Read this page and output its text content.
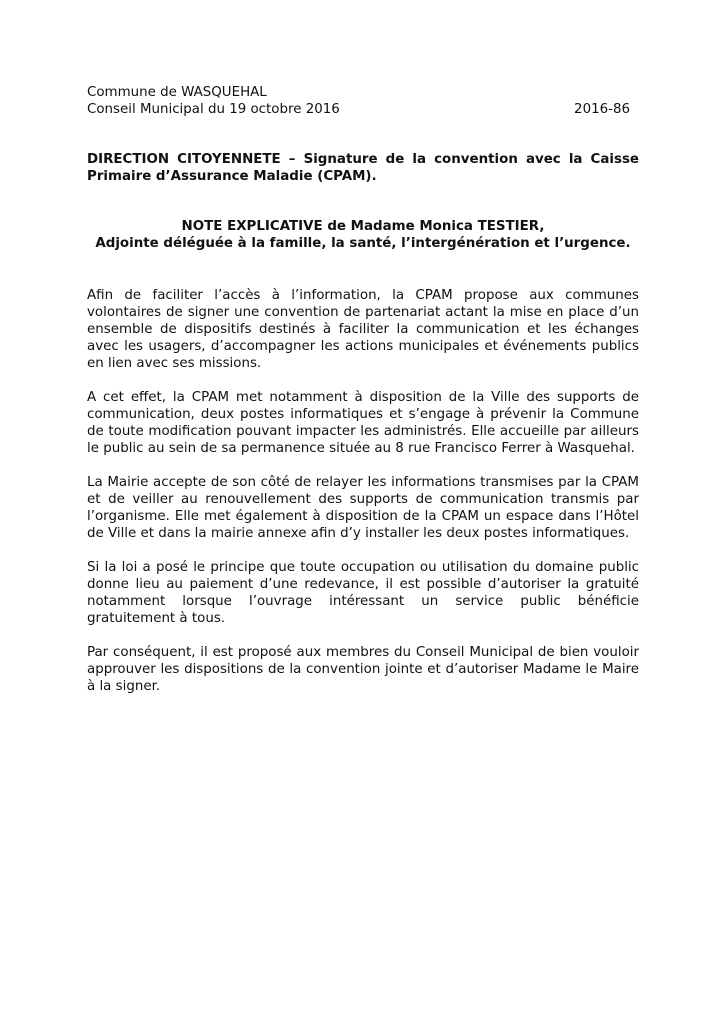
Commune de WASQUEHAL
Conseil Municipal du 19 octobre 2016	2016-86
DIRECTION CITOYENNETE – Signature de la convention avec la Caisse Primaire d’Assurance Maladie (CPAM).
NOTE EXPLICATIVE de Madame Monica TESTIER,
Adjointe déléguée à la famille, la santé, l’intergénération et l’urgence.

Afin de faciliter l’accès à l’information, la CPAM propose aux communes volontaires de signer une convention de partenariat actant la mise en place d’un ensemble de dispositifs destinés à faciliter la communication et les échanges avec les usagers, d’accompagner les actions municipales et événements publics en lien avec ses missions.

A cet effet, la CPAM met notamment à disposition de la Ville des supports de communication, deux postes informatiques et s’engage à prévenir la Commune de toute modification pouvant impacter les administrés. Elle accueille par ailleurs le public au sein de sa permanence située au 8 rue Francisco Ferrer à Wasquehal.

La Mairie accepte de son côté de relayer les informations transmises par la CPAM et de veiller au renouvellement des supports de communication transmis par l’organisme. Elle met également à disposition de la CPAM un espace dans l’Hôtel de Ville et dans la mairie annexe afin d’y installer les deux postes informatiques.

Si la loi a posé le principe que toute occupation ou utilisation du domaine public donne lieu au paiement d’une redevance, il est possible d’autoriser la gratuité notamment lorsque l’ouvrage intéressant un service public bénéficie gratuitement à tous.

Par conséquent, il est proposé aux membres du Conseil Municipal de bien vouloir approuver les dispositions de la convention jointe et d’autoriser Madame le Maire à la signer.
